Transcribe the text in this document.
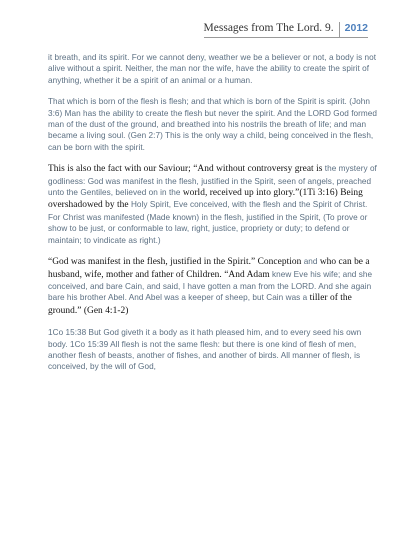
Messages from The Lord. 9.	2012

it breath, and its spirit. For we cannot deny, weather we be a believer or not, a body is not alive without a spirit. Neither, the man nor the wife, have the ability to create the spirit of anything, whether it be a spirit of an animal or a human.

That which is born of the flesh is flesh; and that which is born of the Spirit is spirit. (John 3:6) Man has the ability to create the flesh but never the spirit. And the LORD God formed man of the dust of the ground, and breathed into his nostrils the breath of life; and man became a living soul. (Gen 2:7) This is the only way a child, being conceived in the flesh, can be born with the spirit.

This is also the fact with our Saviour; “And without controversy great is the mystery of godliness: God was manifest in the flesh, justified in the Spirit, seen of angels, preached unto the Gentiles, believed on in the world, received up into glory.”(1Ti 3:16) Being overshadowed by the Holy Spirit, Eve conceived, with the flesh and the Spirit of Christ. For Christ was manifested (Made known) in the flesh, justified in the Spirit, (To prove or show to be just, or conformable to law, right, justice, propriety or duty; to defend or maintain; to vindicate as right.)

“God was manifest in the flesh, justified in the Spirit.” Conception and who can be a husband, wife, mother and father of Children. “And Adam knew Eve his wife; and she conceived, and bare Cain, and said, I have gotten a man from the LORD. And she again bare his brother Abel. And Abel was a keeper of sheep, but Cain was a tiller of the ground.” (Gen 4:1-2)

1Co 15:38 But God giveth it a body as it hath pleased him, and to every seed his own body. 1Co 15:39 All flesh is not the same flesh: but there is one kind of flesh of men, another flesh of beasts, another of fishes, and another of birds. All manner of flesh, is conceived, by the will of God,
